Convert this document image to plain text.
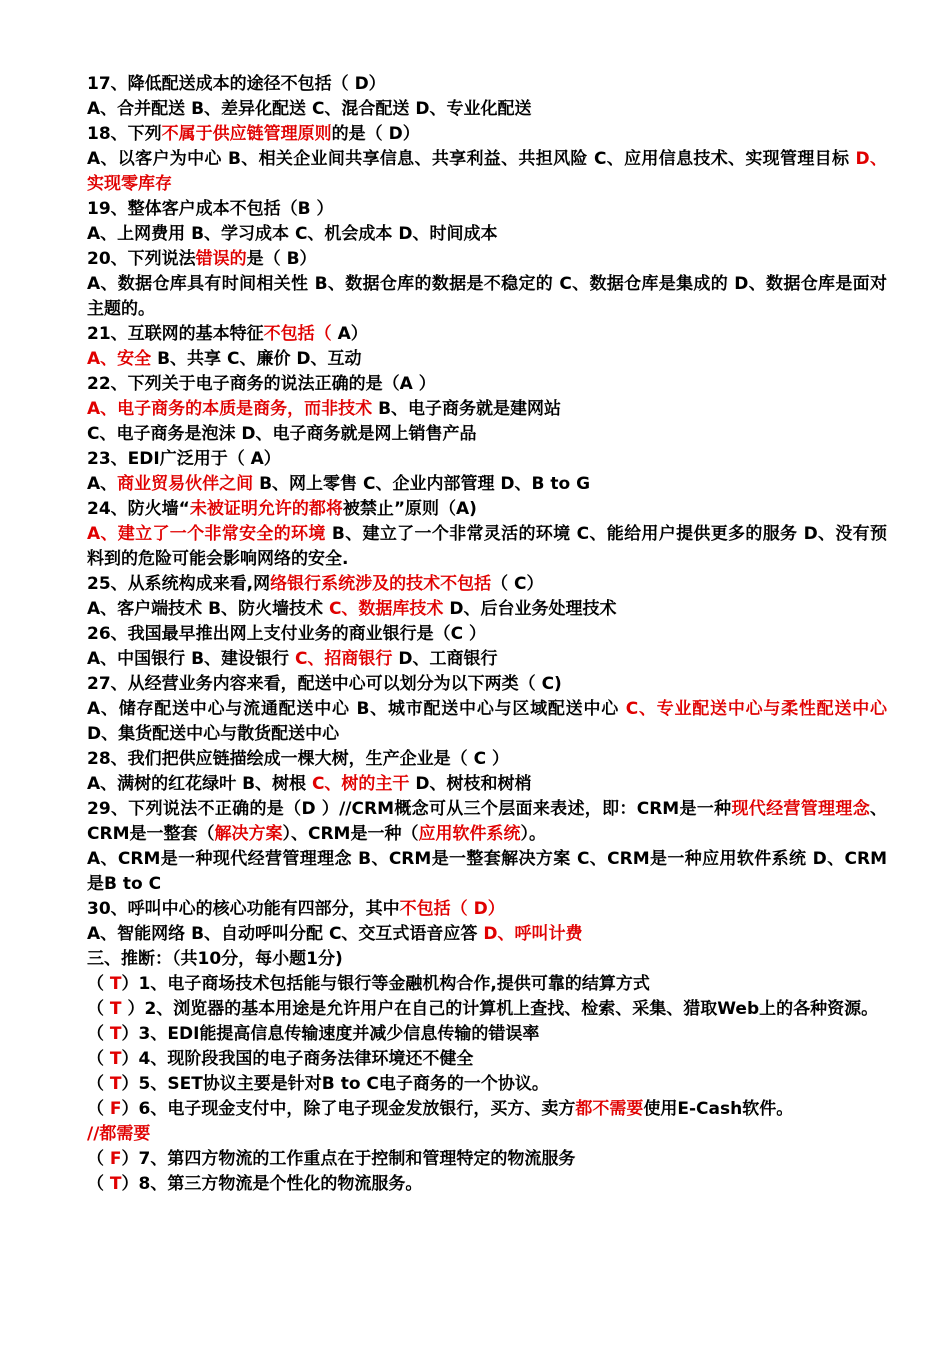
17、降低配送成本的途径不包括（ D）
A、合并配送 B、差异化配送 C、混合配送 D、专业化配送
18、下列不属于供应链管理原则的是（ D）
A、以客户为中心 B、相关企业间共享信息、共享利益、共担风险 C、应用信息技术、实现管理目标 D、实现零库存
19、整体客户成本不包括（B ）
A、上网费用 B、学习成本 C、机会成本 D、时间成本
20、下列说法错误的是（ B）
A、数据仓库具有时间相关性 B、数据仓库的数据是不稳定的 C、数据仓库是集成的 D、数据仓库是面对主题的。
21、互联网的基本特征不包括（ A）
A、安全 B、共享 C、廉价 D、互动
22、下列关于电子商务的说法正确的是（A ）
A、电子商务的本质是商务，而非技术 B、电子商务就是建网站
C、电子商务是泡沫 D、电子商务就是网上销售产品
23、EDI广泛用于（ A）
A、商业贸易伙伴之间 B、网上零售 C、企业内部管理 D、B to G
24、防火墙“未被证明允许的都将被禁止”原则（A)
A、建立了一个非常安全的环境 B、建立了一个非常灵活的环境 C、能给用户提供更多的服务 D、没有预料到的危险可能会影响网络的安全.
25、从系统构成来看,网络银行系统涉及的技术不包括（ C）
A、客户端技术 B、防火墙技术 C、数据库技术 D、后台业务处理技术
26、我国最早推出网上支付业务的商业银行是（C ）
A、中国银行 B、建设银行 C、招商银行 D、工商银行
27、从经营业务内容来看，配送中心可以划分为以下两类（ C)
A、储存配送中心与流通配送中心 B、城市配送中心与区域配送中心 C、专业配送中心与柔性配送中心 D、集货配送中心与散货配送中心
28、我们把供应链描绘成一棵大树，生产企业是（ C ）
A、满树的红花绿叶 B、树根 C、树的主干 D、树枝和树梢
29、下列说法不正确的是（D ）//CRM概念可从三个层面来表述，即：CRM是一种现代经营管理理念、CRM是一整套（解决方案）、CRM是一种（应用软件系统）。
A、CRM是一种现代经营管理理念 B、CRM是一整套解决方案 C、CRM是一种应用软件系统 D、CRM是B to C
30、呼叫中心的核心功能有四部分，其中不包括（ D）
A、智能网络 B、自动呼叫分配 C、交互式语音应答 D、呼叫计费
三、推断：（共10分，每小题1分)
（ T）1、电子商场技术包括能与银行等金融机构合作,提供可靠的结算方式
（ T ）2、浏览器的基本用途是允许用户在自己的计算机上查找、检索、采集、猎取Web上的各种资源。
（ T）3、EDI能提高信息传输速度并减少信息传输的错误率
（ T）4、现阶段我国的电子商务法律环境还不健全
（ T）5、SET协议主要是针对B to C电子商务的一个协议。
（ F）6、电子现金支付中，除了电子现金发放银行，买方、卖方都不需要使用E-Cash软件。
//都需要
（ F）7、第四方物流的工作重点在于控制和管理特定的物流服务
（ T）8、第三方物流是个性化的物流服务。
